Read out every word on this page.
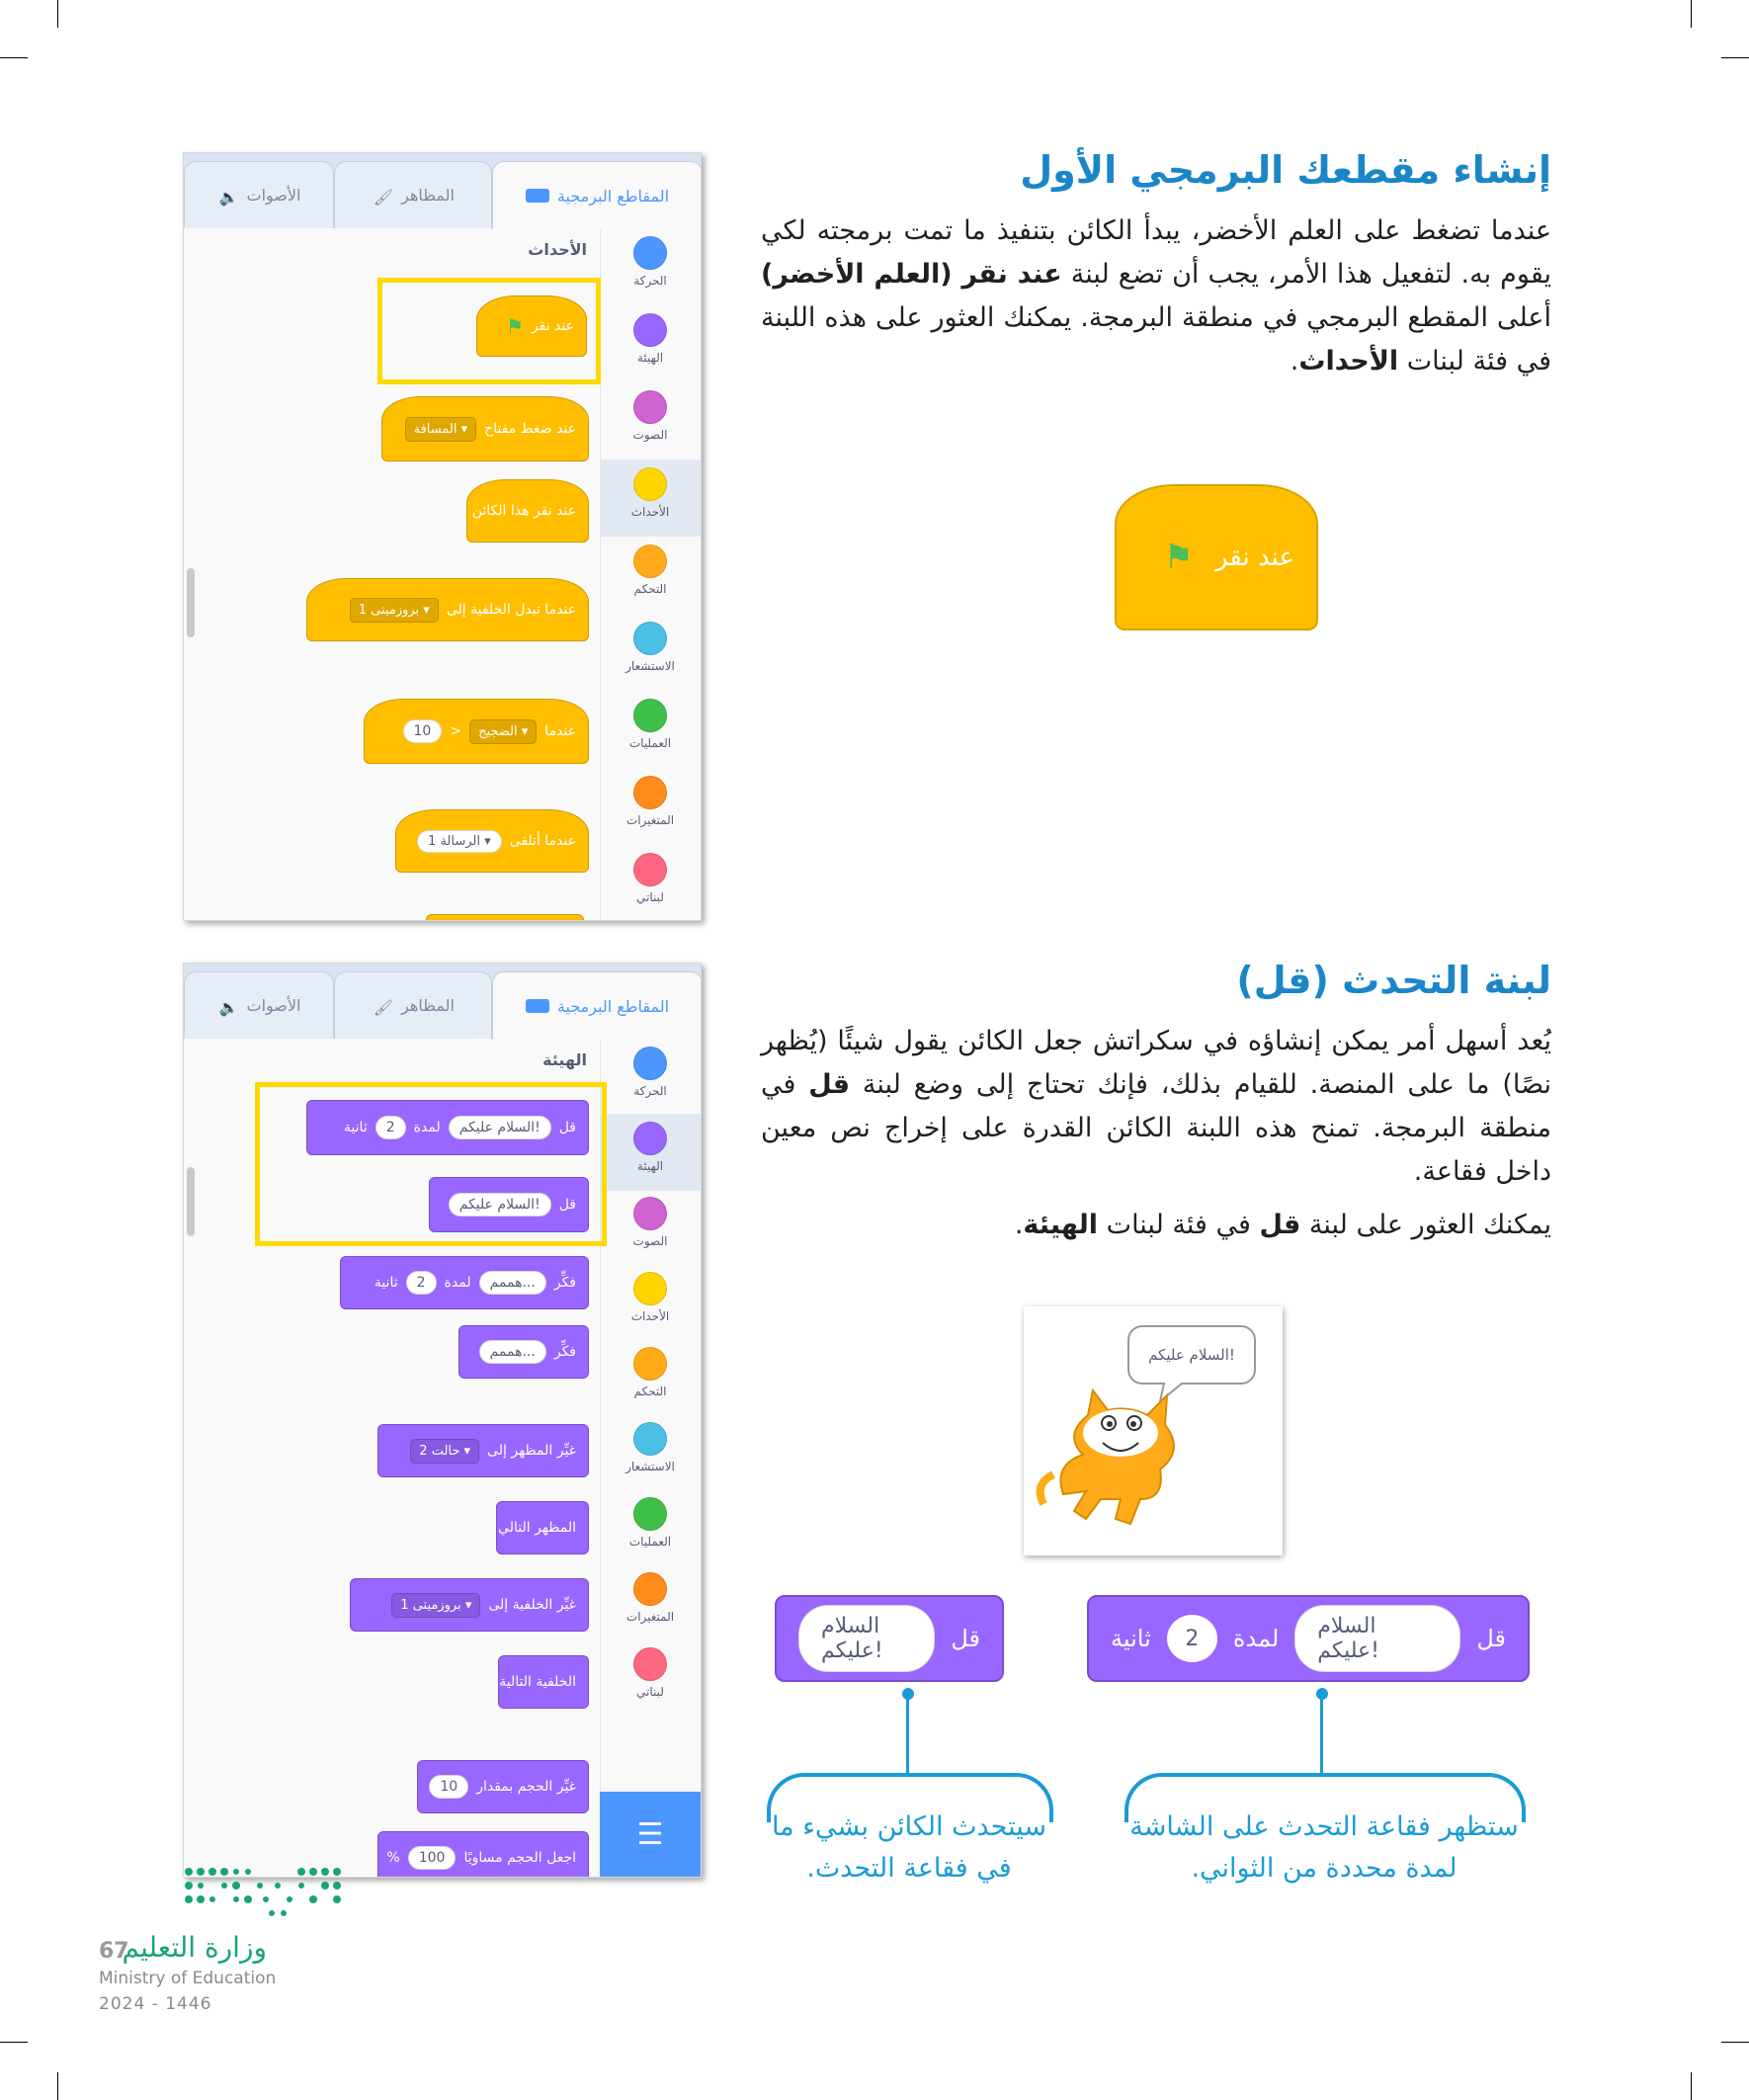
إنشاء مقطعك البرمجي الأول

عندما تضغط على العلم الأخضر، يبدأ الكائن بتنفيذ ما تمت برمجته لكي يقوم به. لتفعيل هذا الأمر، يجب أن تضع لبنة عند نقر (العلم الأخضر) أعلى المقطع البرمجي في منطقة البرمجة. يمكنك العثور على هذه اللبنة في فئة لبنات الأحداث.

عند نقر
⚑
لبنة التحدث (قل)

يُعد أسهل أمر يمكن إنشاؤه في سكراتش جعل الكائن يقول شيئًا (يُظهر نصًا) ما على المنصة. للقيام بذلك، فإنك تحتاج إلى وضع لبنة قل في منطقة البرمجة. تمنح هذه اللبنة الكائن القدرة على إخراج نص معين داخل فقاعة.

يمكنك العثور على لبنة قل في فئة لبنات الهيئة.

السلام عليكم!
قل
السلام عليكم!	قل
السلام عليكم!
لمدة
2
ثانية
سيتحدث الكائن بشيء ما في فقاعة التحدث.
ستظهر فقاعة التحدث على الشاشة لمدة محددة من الثواني.
الأصوات
🔈	المظاهر
🖌	المقاطع البرمجية
الحركة
الهيئة
الصوت
الأحداث
التحكم
الاستشعار
العمليات
المتغيرات
لبناتي
الأحداث
عند نقر
⚑
عند ضغط مفتاح
المسافة ▾
عند نقر هذا الكائن
عندما تبدل الخلفية إلى
بروزميتى 1 ▾
عندما
الضجيج ▾
>
10
عندما أتلقى
الرسالة 1 ▾
الأصوات
🔈	المظاهر
🖌	المقاطع البرمجية
الحركة
الهيئة
الصوت
الأحداث
التحكم
الاستشعار
العمليات
المتغيرات
لبناتي
☰
الهيئة
قل
السلام عليكم!
لمدة
2
ثانية
قل
السلام عليكم!
فكِّر
هممم...
لمدة
2
ثانية
فكِّر
هممم...
غيِّر المظهر إلى
حالت 2 ▾
المظهر التالي
غيِّر الخلفية إلى
بروزميتى 1 ▾
الخلفية التالية
غيِّر الحجم بمقدار
10
اجعل الحجم مساويًا
100
%
67
وزارة التعليم
Ministry of Education
2024 - 1446
